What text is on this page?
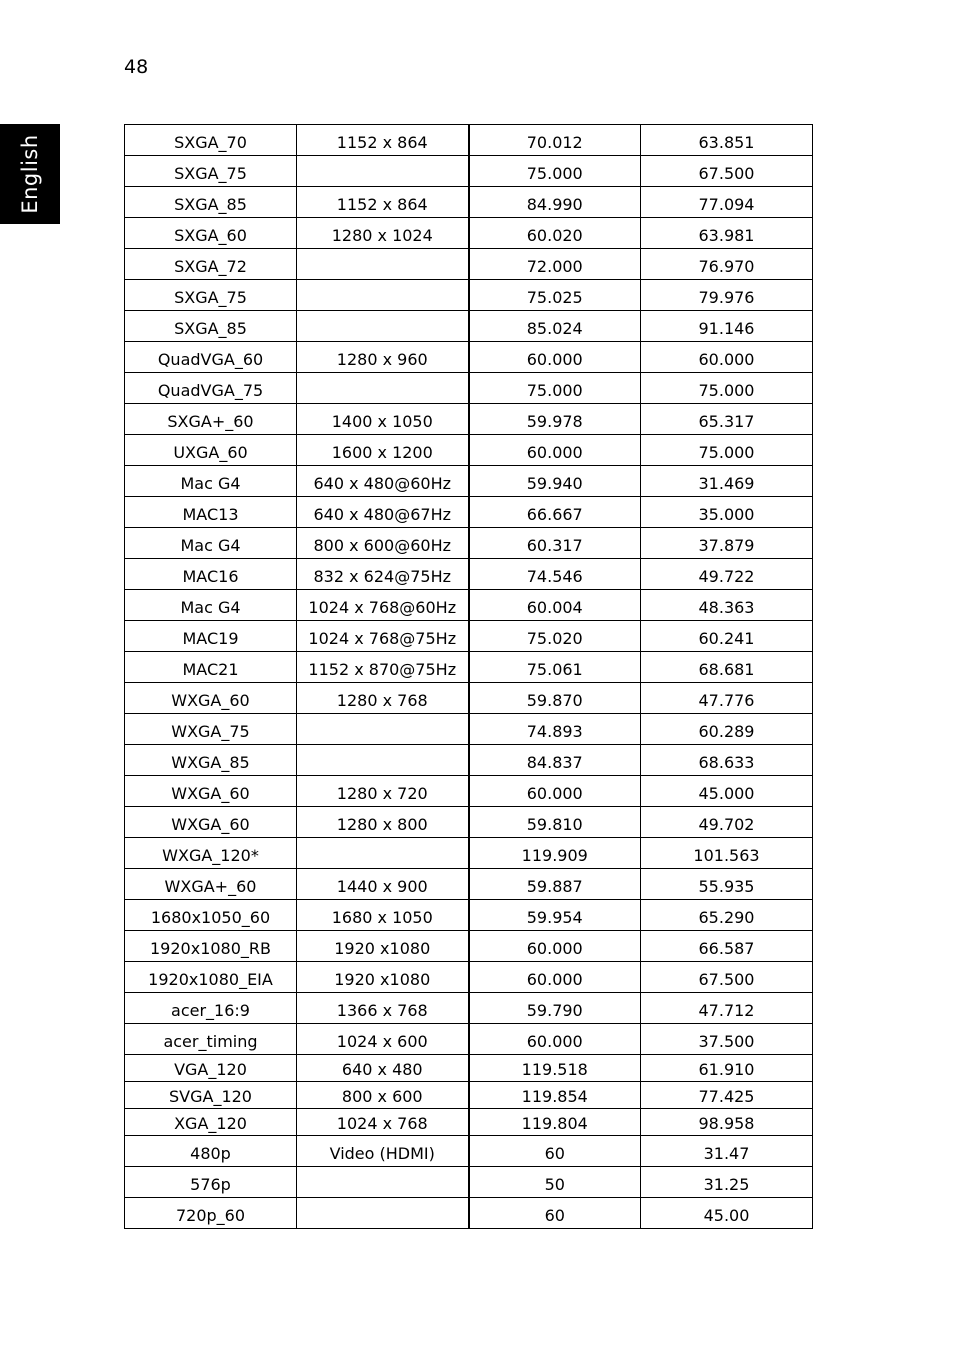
48
English	SXGA_70	1152 x 864	70.012	63.851
SXGA_75		75.000	67.500
SXGA_85	1152 x 864	84.990	77.094
SXGA_60	1280 x 1024	60.020	63.981
SXGA_72		72.000	76.970
SXGA_75		75.025	79.976
SXGA_85		85.024	91.146
QuadVGA_60	1280 x 960	60.000	60.000
QuadVGA_75		75.000	75.000
SXGA+_60	1400 x 1050	59.978	65.317
UXGA_60	1600 x 1200	60.000	75.000
Mac G4	640 x 480@60Hz	59.940	31.469
MAC13	640 x 480@67Hz	66.667	35.000
Mac G4	800 x 600@60Hz	60.317	37.879
MAC16	832 x 624@75Hz	74.546	49.722
Mac G4	1024 x 768@60Hz	60.004	48.363
MAC19	1024 x 768@75Hz	75.020	60.241
MAC21	1152 x 870@75Hz	75.061	68.681
WXGA_60	1280 x 768	59.870	47.776
WXGA_75		74.893	60.289
WXGA_85		84.837	68.633
WXGA_60	1280 x 720	60.000	45.000
WXGA_60	1280 x 800	59.810	49.702
WXGA_120*		119.909	101.563
WXGA+_60	1440 x 900	59.887	55.935
1680x1050_60	1680 x 1050	59.954	65.290
1920x1080_RB	1920 x1080	60.000	66.587
1920x1080_EIA	1920 x1080	60.000	67.500
acer_16:9	1366 x 768	59.790	47.712
acer_timing	1024 x 600	60.000	37.500
VGA_120	640 x 480	119.518	61.910
SVGA_120	800 x 600	119.854	77.425
XGA_120	1024 x 768	119.804	98.958
480p	Video (HDMI)	60	31.47
576p		50	31.25
720p_60		60	45.00
